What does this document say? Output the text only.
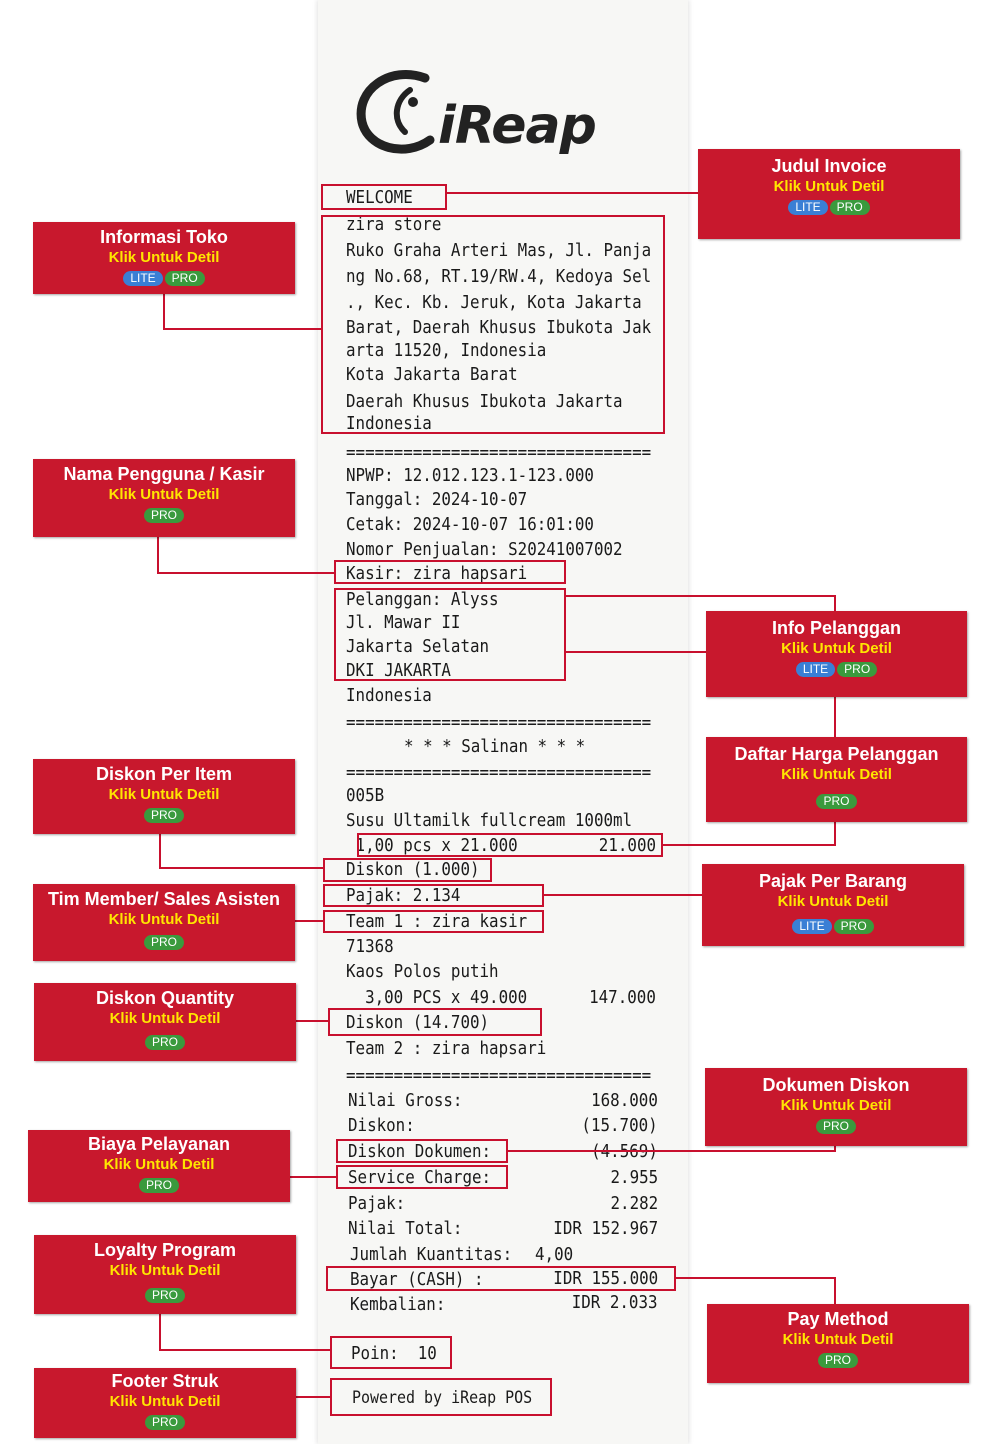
iReap
WELCOME
zira store
Ruko Graha Arteri Mas, Jl. Panja
ng No.68, RT.19/RW.4, Kedoya Sel
., Kec. Kb. Jeruk, Kota Jakarta
Barat, Daerah Khusus Ibukota Jak
arta 11520, Indonesia
Kota Jakarta Barat
Daerah Khusus Ibukota Jakarta
Indonesia
================================
NPWP: 12.012.123.1-123.000
Tanggal: 2024-10-07
Cetak: 2024-10-07 16:01:00
Nomor Penjualan: S20241007002
Kasir: zira hapsari
Pelanggan: Alyss
Jl. Mawar II
Jakarta Selatan
DKI JAKARTA
Indonesia
================================
* * * Salinan * * *
================================
005B
Susu Ultamilk fullcream 1000ml
1,00 pcs x 21.000	21.000
Diskon (1.000)
Pajak: 2.134
Team 1 : zira kasir
71368
Kaos Polos putih
3,00 PCS x 49.000	147.000
Diskon (14.700)
Team 2 : zira hapsari
================================
Nilai Gross:	168.000
Diskon:	(15.700)
Diskon Dokumen:	(4.569)
Service Charge:	2.955
Pajak:	2.282
Nilai Total:	IDR 152.967
Jumlah Kuantitas: 4,00
Bayar (CASH) :	IDR 155.000
Kembalian:	IDR 2.033
Poin:  10
Powered by iReap POS
Judul Invoice
Klik Untuk Detil
LITE PRO
Informasi Toko
Klik Untuk Detil
LITE PRO
Nama Pengguna / Kasir
Klik Untuk Detil
PRO
Info Pelanggan
Klik Untuk Detil
LITE PRO
Daftar Harga Pelanggan
Klik Untuk Detil
PRO
Diskon Per Item
Klik Untuk Detil
PRO
Pajak Per Barang
Klik Untuk Detil
LITE PRO
Tim Member/ Sales Asisten
Klik Untuk Detil
PRO
Diskon Quantity
Klik Untuk Detil
PRO
Dokumen Diskon
Klik Untuk Detil
PRO
Biaya Pelayanan
Klik Untuk Detil
PRO
Loyalty Program
Klik Untuk Detil
PRO
Pay Method
Klik Untuk Detil
PRO
Footer Struk
Klik Untuk Detil
PRO
